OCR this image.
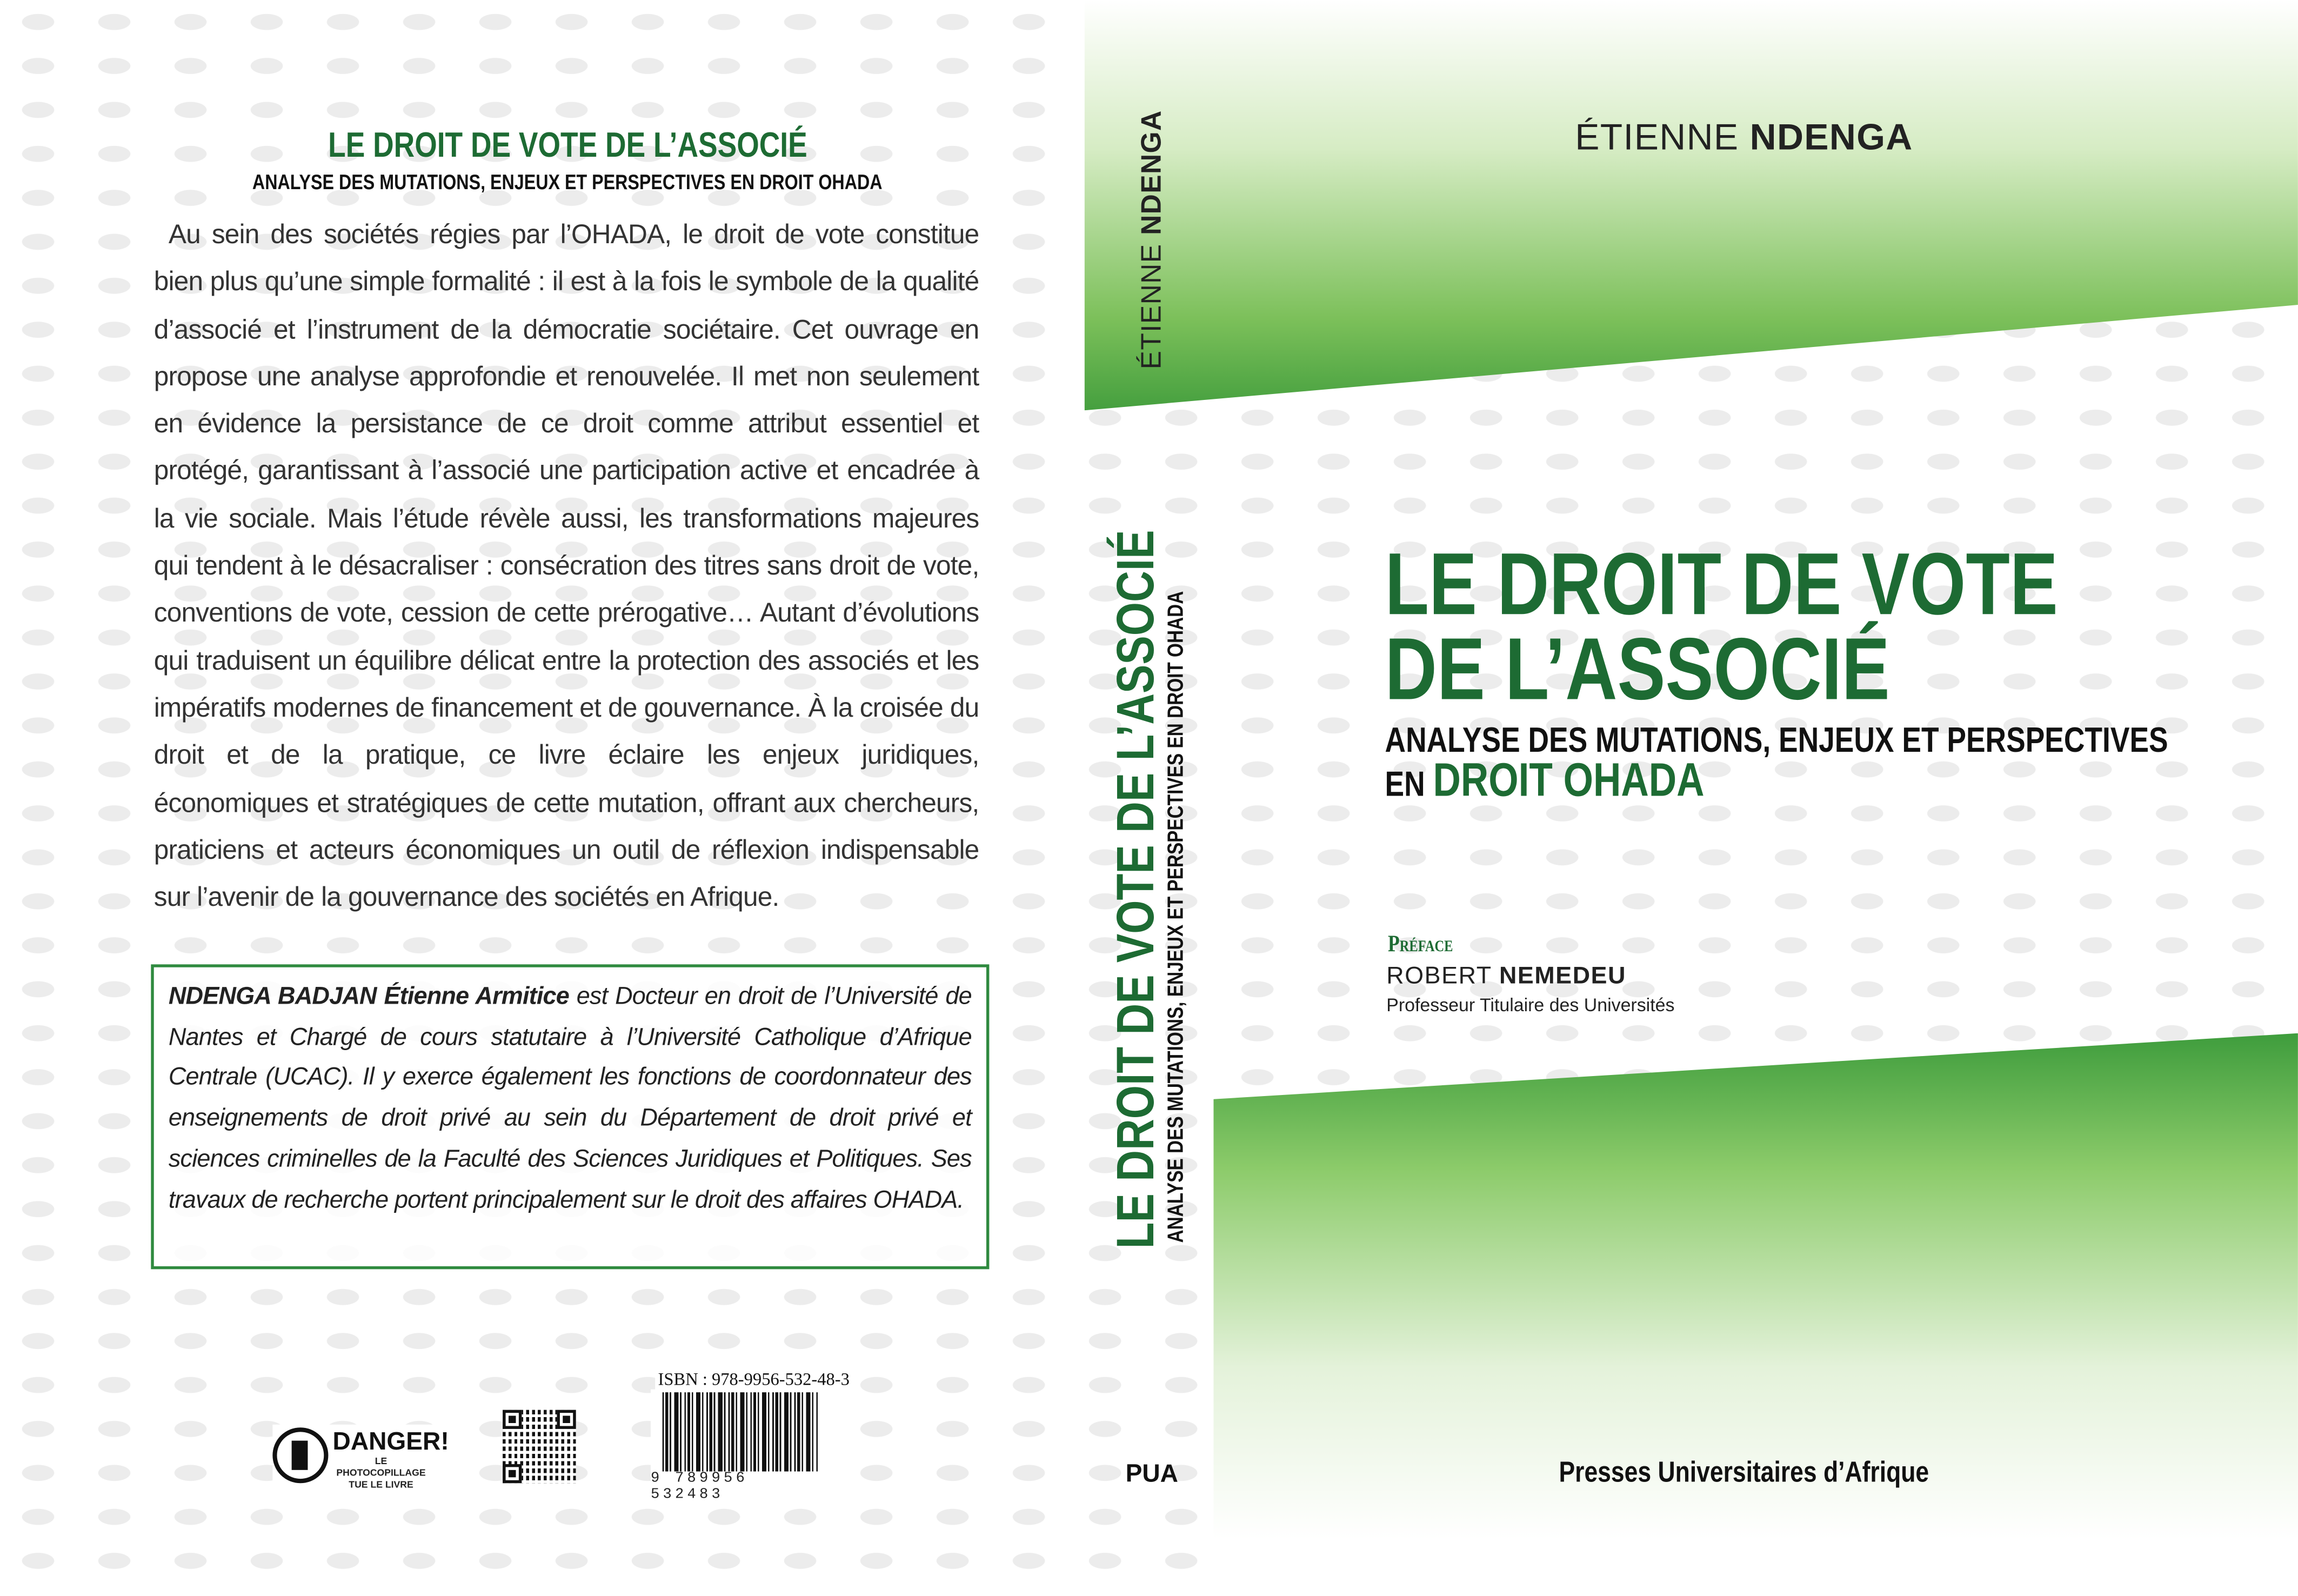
LE DROIT DE VOTE DE L’ASSOCIÉ
ANALYSE DES MUTATIONS, ENJEUX ET PERSPECTIVES EN DROIT OHADA
Au sein des sociétés régies par l’OHADA, le droit de vote constitue bien plus qu’une simple formalité : il est à la fois le symbole de la qualité d’associé et l’instrument de la démocratie sociétaire. Cet ouvrage en propose une analyse approfondie et renouvelée. Il met non seulement en évidence la persistance de ce droit comme attribut essentiel et protégé, garantissant à l’associé une participation active et encadrée à la vie sociale. Mais l’étude révèle aussi, les transformations majeures qui tendent à le désacraliser : consécration des titres sans droit de vote, conventions de vote, cession de cette prérogative… Autant d’évolutions qui traduisent un équilibre délicat entre la protection des associés et les impératifs modernes de financement et de gouvernance. À la croisée du droit et de la pratique, ce livre éclaire les enjeux juridiques, économiques et stratégiques de cette mutation, offrant aux chercheurs, praticiens et acteurs économiques un outil de réflexion indispensable sur l’avenir de la gouvernance des sociétés en Afrique.
NDENGA BADJAN Étienne Armitice est Docteur en droit de l’Université de Nantes et Chargé de cours statutaire à l’Université Catholique d’Afrique Centrale (UCAC). Il y exerce également les fonctions de coordonnateur des enseignements de droit privé au sein du Département de droit privé et sciences criminelles de la Faculté des Sciences Juridiques et Politiques. Ses travaux de recherche portent principalement sur le droit des affaires OHADA.
DANGER!
LE PHOTOCOPILLAGE TUE LE LIVRE
ISBN : 978-9956-532-48-3
9 789956 532483
ÉTIENNE NDENGA
LE DROIT DE VOTE DE L’ASSOCIÉ
ANALYSE DES MUTATIONS, ENJEUX ET PERSPECTIVES EN DROIT OHADA
PUA
ÉTIENNE NDENGA
LE DROIT DE VOTE
DE L’ASSOCIÉ
ANALYSE DES MUTATIONS, ENJEUX ET PERSPECTIVES
EN DROIT OHADA
Préface
ROBERT NEMEDEU
Professeur Titulaire des Universités
Presses Universitaires d’Afrique
